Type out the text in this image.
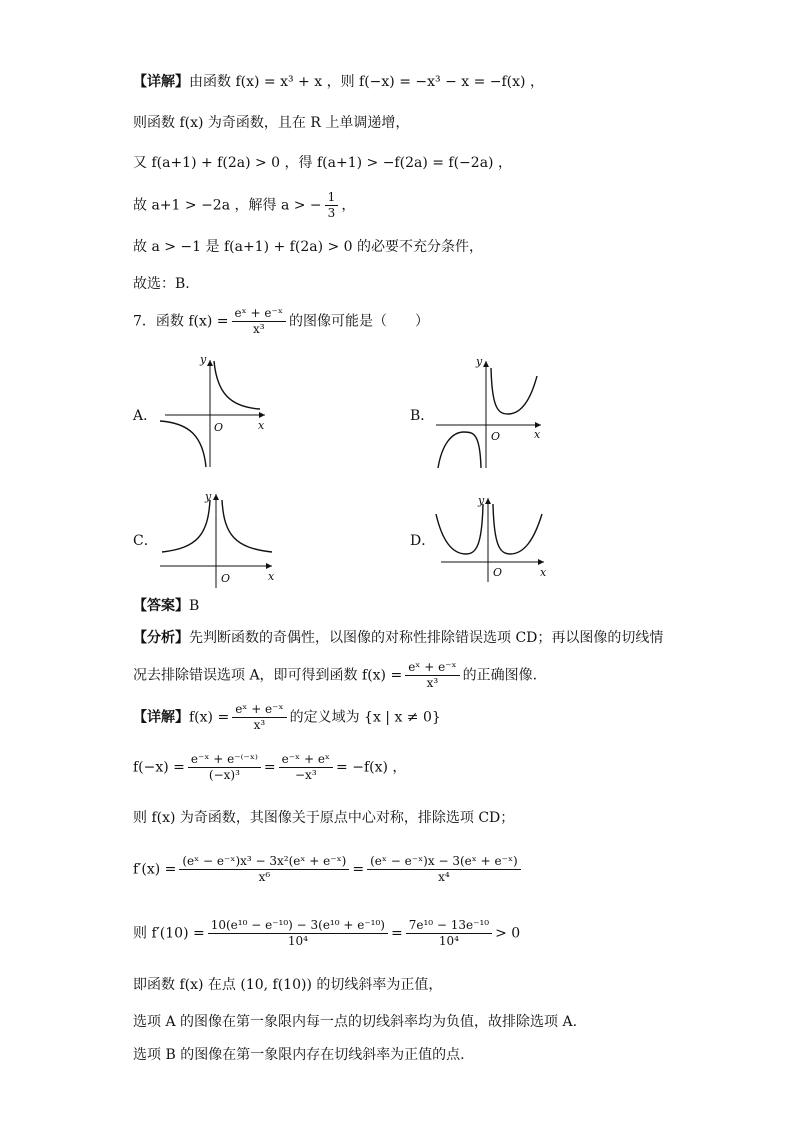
【详解】由函数 f(x) = x³ + x ，则 f(−x) = −x³ − x = −f(x) ，
则函数 f(x) 为奇函数，且在 R 上单调递增，
又 f(a+1) + f(2a) > 0 ，得 f(a+1) > −f(2a) = f(−2a) ，
故 a+1 > −2a ，解得 a > − $\frac{1}{3}$ ，
故 a > −1 是 f(a+1) + f(2a) > 0 的必要不充分条件，
故选：B.
7．函数 $f(x) = \frac{\text{eˣ + e⁻ˣ}}{\text{x³}}$ 的图像可能是（　　）
A．	B．
C．	D．
O	x
y
O	x
y
O	x
y
O	x
y
【答案】B
【分析】先判断函数的奇偶性，以图像的对称性排除错误选项 CD；再以图像的切线情
况去排除错误选项 A，即可得到函数 $f(x) = \frac{\text{eˣ + e⁻ˣ}}{\text{x³}}$ 的正确图像.
【详解】$f(x) = \frac{\text{eˣ + e⁻ˣ}}{\text{x³}}$ 的定义域为 {x | x ≠ 0}
$f(-x) = \frac{\text{e⁻ˣ + e⁻⁽⁻ˣ⁾}}{\text{(−x)³}} = \frac{\text{e⁻ˣ + eˣ}}{\text{−x³}} = -f(x)$ ，
则 f(x) 为奇函数，其图像关于原点中心对称，排除选项 CD；
$f'(x) = \frac{\text{(eˣ − e⁻ˣ)x³ − 3x²(eˣ + e⁻ˣ)}}{\text{x⁶}} = \frac{\text{(eˣ − e⁻ˣ)x − 3(eˣ + e⁻ˣ)}}{\text{x⁴}}$
则 $f'(10) = \frac{\text{10(e¹⁰ − e⁻¹⁰) − 3(e¹⁰ + e⁻¹⁰)}}{\text{10⁴}} = \frac{\text{7e¹⁰ − 13e⁻¹⁰}}{\text{10⁴}} > 0$
即函数 f(x) 在点 (10, f(10)) 的切线斜率为正值，
选项 A 的图像在第一象限内每一点的切线斜率均为负值，故排除选项 A.
选项 B 的图像在第一象限内存在切线斜率为正值的点.
